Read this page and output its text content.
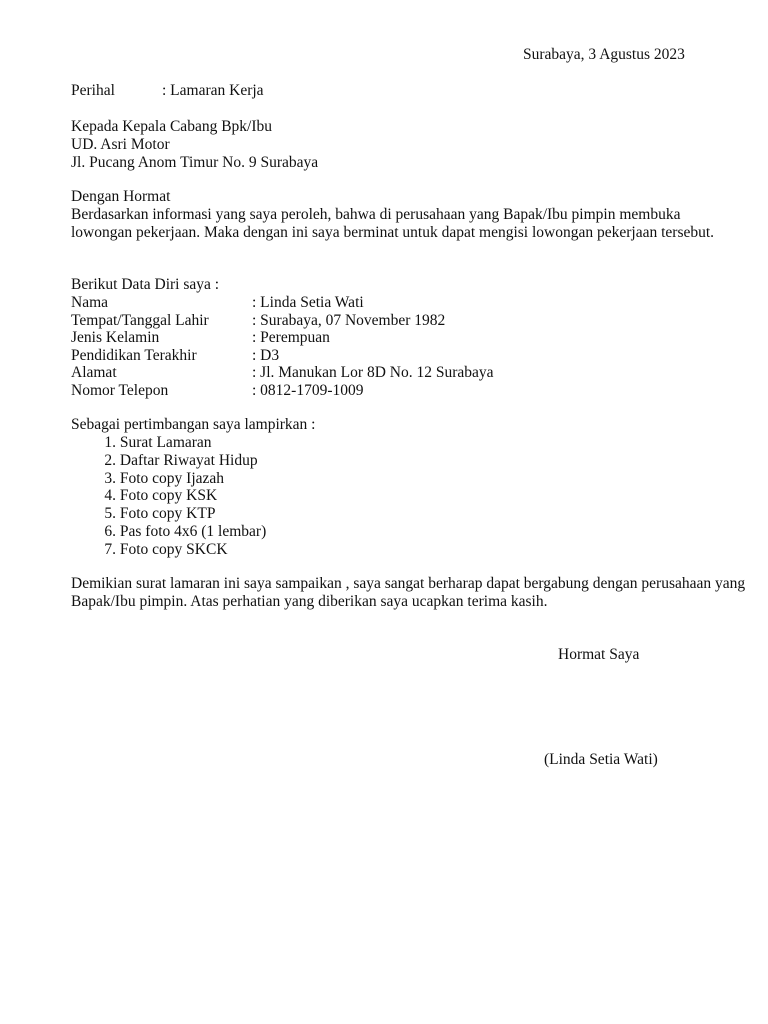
Surabaya, 3 Agustus 2023
Perihal	: Lamaran Kerja
Kepada Kepala Cabang Bpk/Ibu
UD. Asri Motor
Jl. Pucang Anom Timur No. 9 Surabaya
Dengan Hormat
Berdasarkan informasi yang saya peroleh, bahwa di perusahaan yang Bapak/Ibu pimpin membuka lowongan pekerjaan. Maka dengan ini saya berminat untuk dapat mengisi lowongan pekerjaan tersebut.
Berikut Data Diri saya :
Nama	: Linda Setia Wati
Tempat/Tanggal Lahir	: Surabaya, 07 November 1982
Jenis Kelamin	: Perempuan
Pendidikan Terakhir	: D3
Alamat	: Jl. Manukan Lor 8D No. 12 Surabaya
Nomor Telepon	: 0812-1709-1009
Sebagai pertimbangan saya lampirkan :
1. Surat Lamaran
2. Daftar Riwayat Hidup
3. Foto copy Ijazah
4. Foto copy KSK
5. Foto copy KTP
6. Pas foto 4x6 (1 lembar)
7. Foto copy SKCK
Demikian surat lamaran ini saya sampaikan , saya sangat berharap dapat bergabung dengan perusahaan yang Bapak/Ibu pimpin. Atas perhatian yang diberikan saya ucapkan terima kasih.
Hormat Saya
(Linda Setia Wati)
